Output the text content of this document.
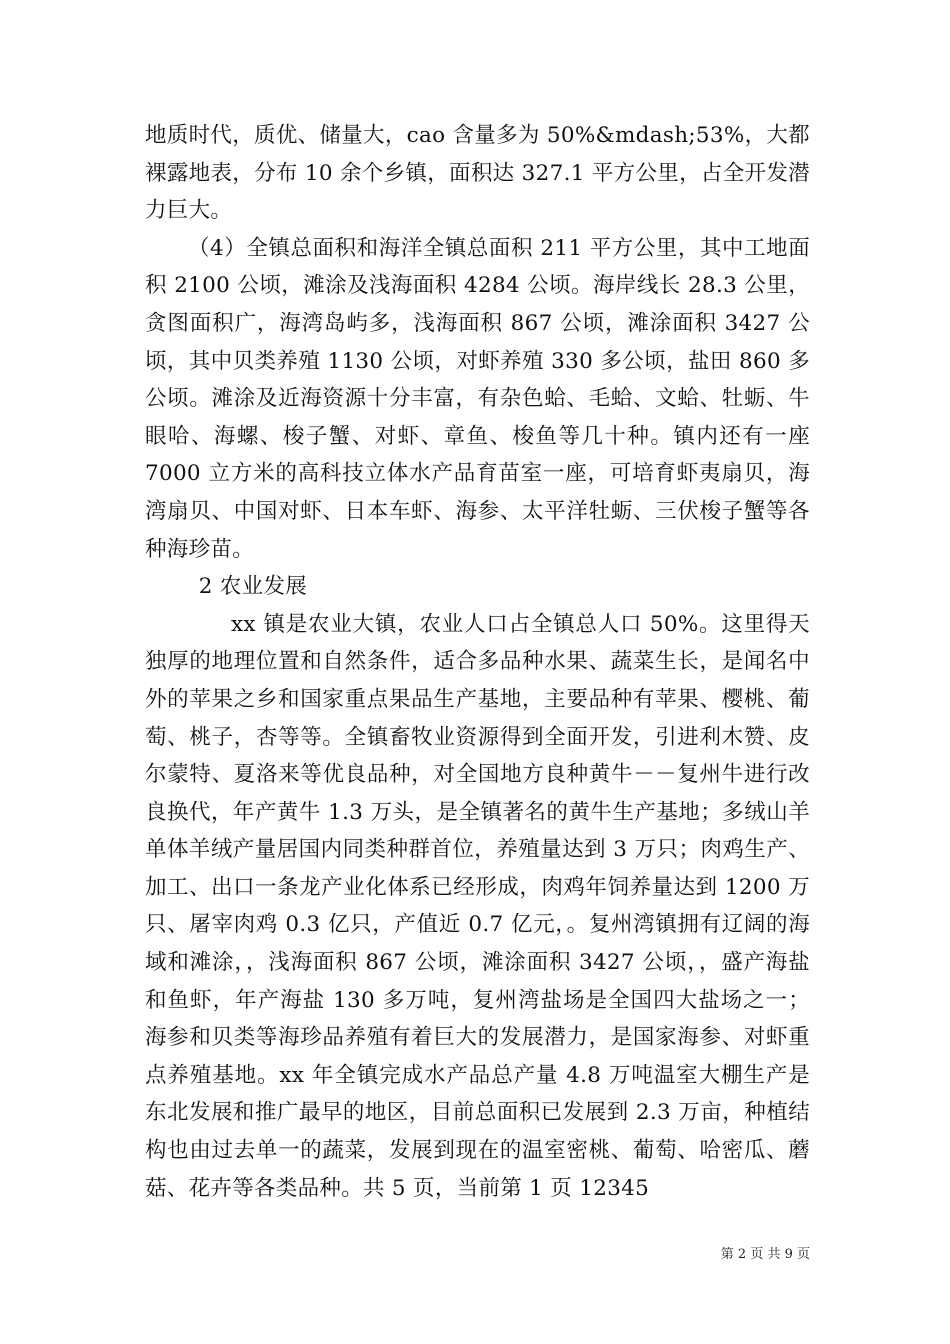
地质时代，质优、储量大，cao 含量多为 50%&mdash;53%，大都裸露地表，分布 10 余个乡镇，面积达 327.1 平方公里，占全开发潜力巨大。

（4）全镇总面积和海洋全镇总面积 211 平方公里，其中工地面积 2100 公顷，滩涂及浅海面积 4284 公顷。海岸线长 28.3 公里，贪图面积广，海湾岛屿多，浅海面积 867 公顷，滩涂面积 3427 公顷，其中贝类养殖 1130 公顷，对虾养殖 330 多公顷，盐田 860 多公顷。滩涂及近海资源十分丰富，有杂色蛤、毛蛤、文蛤、牡蛎、牛眼哈、海螺、梭子蟹、对虾、章鱼、梭鱼等几十种。镇内还有一座 7000 立方米的高科技立体水产品育苗室一座，可培育虾夷扇贝，海湾扇贝、中国对虾、日本车虾、海参、太平洋牡蛎、三伏梭子蟹等各种海珍苗。

2 农业发展

xx 镇是农业大镇，农业人口占全镇总人口 50%。这里得天独厚的地理位置和自然条件，适合多品种水果、蔬菜生长，是闻名中外的苹果之乡和国家重点果品生产基地，主要品种有苹果、樱桃、葡萄、桃子，杏等等。全镇畜牧业资源得到全面开发，引进利木赞、皮尔蒙特、夏洛来等优良品种，对全国地方良种黄牛－－复州牛进行改良换代，年产黄牛 1.3 万头，是全镇著名的黄牛生产基地；多绒山羊单体羊绒产量居国内同类种群首位，养殖量达到 3 万只；肉鸡生产、加工、出口一条龙产业化体系已经形成，肉鸡年饲养量达到 1200 万只、屠宰肉鸡 0.3 亿只，产值近 0.7 亿元，。复州湾镇拥有辽阔的海域和滩涂，，浅海面积 867 公顷，滩涂面积 3427 公顷，，盛产海盐和鱼虾，年产海盐 130 多万吨，复州湾盐场是全国四大盐场之一；海参和贝类等海珍品养殖有着巨大的发展潜力，是国家海参、对虾重点养殖基地。xx 年全镇完成水产品总产量 4.8 万吨温室大棚生产是东北发展和推广最早的地区，目前总面积已发展到 2.3 万亩，种植结构也由过去单一的蔬菜，发展到现在的温室密桃、葡萄、哈密瓜、蘑菇、花卉等各类品种。共 5 页，当前第 1 页 12345

第 2 页 共 9 页
